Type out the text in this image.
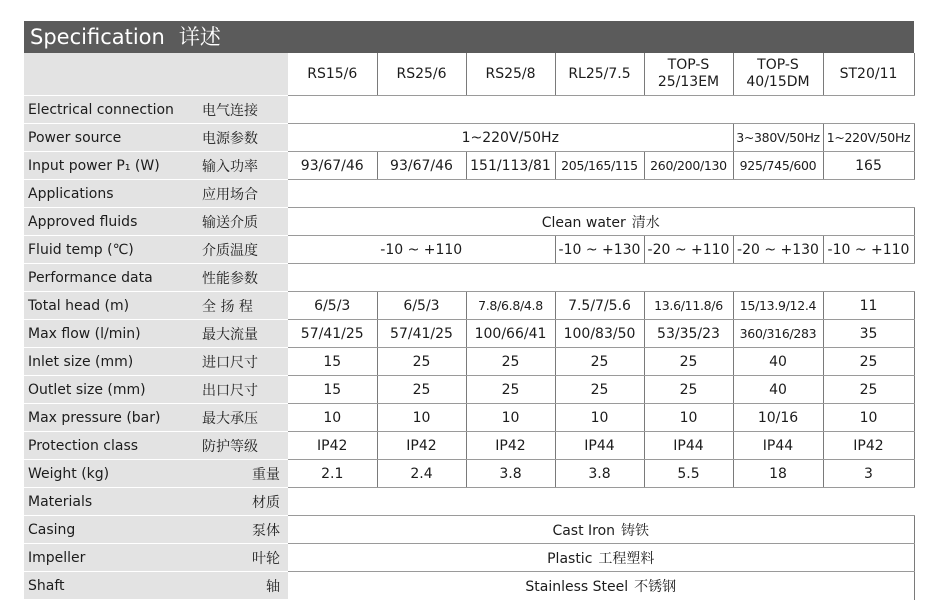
Specification 详述
		RS15/6	RS25/6	RS25/8	RL25/7.5	TOP-S 25/13EM	TOP-S 40/15DM	ST20/11
Electrical connection	电气连接							
Power source	电源参数	1~220V/50Hz					3~380V/50Hz	1~220V/50Hz
Input power P₁ (W)	输入功率	93/67/46	93/67/46	151/113/81	205/165/115	260/200/130	925/745/600	165
Applications	应用场合							
Approved fluids	输送介质	Clean water 清水						
Fluid temp (℃)	介质温度	-10 ~ +110			-10 ~ +130	-20 ~ +110	-20 ~ +130	-10 ~ +110
Performance data	性能参数							
Total head (m)	全 扬 程	6/5/3	6/5/3	7.8/6.8/4.8	7.5/7/5.6	13.6/11.8/6	15/13.9/12.4	11
Max flow (l/min)	最大流量	57/41/25	57/41/25	100/66/41	100/83/50	53/35/23	360/316/283	35
Inlet size (mm)	进口尺寸	15	25	25	25	25	40	25
Outlet size (mm)	出口尺寸	15	25	25	25	25	40	25
Max pressure (bar)	最大承压	10	10	10	10	10	10/16	10
Protection class	防护等级	IP42	IP42	IP42	IP44	IP44	IP44	IP42
Weight (kg)	重量	2.1	2.4	3.8	3.8	5.5	18	3
Materials	材质							
Casing	泵体	Cast Iron 铸铁						
Impeller	叶轮	Plastic 工程塑料						
Shaft	轴	Stainless Steel 不锈钢						
